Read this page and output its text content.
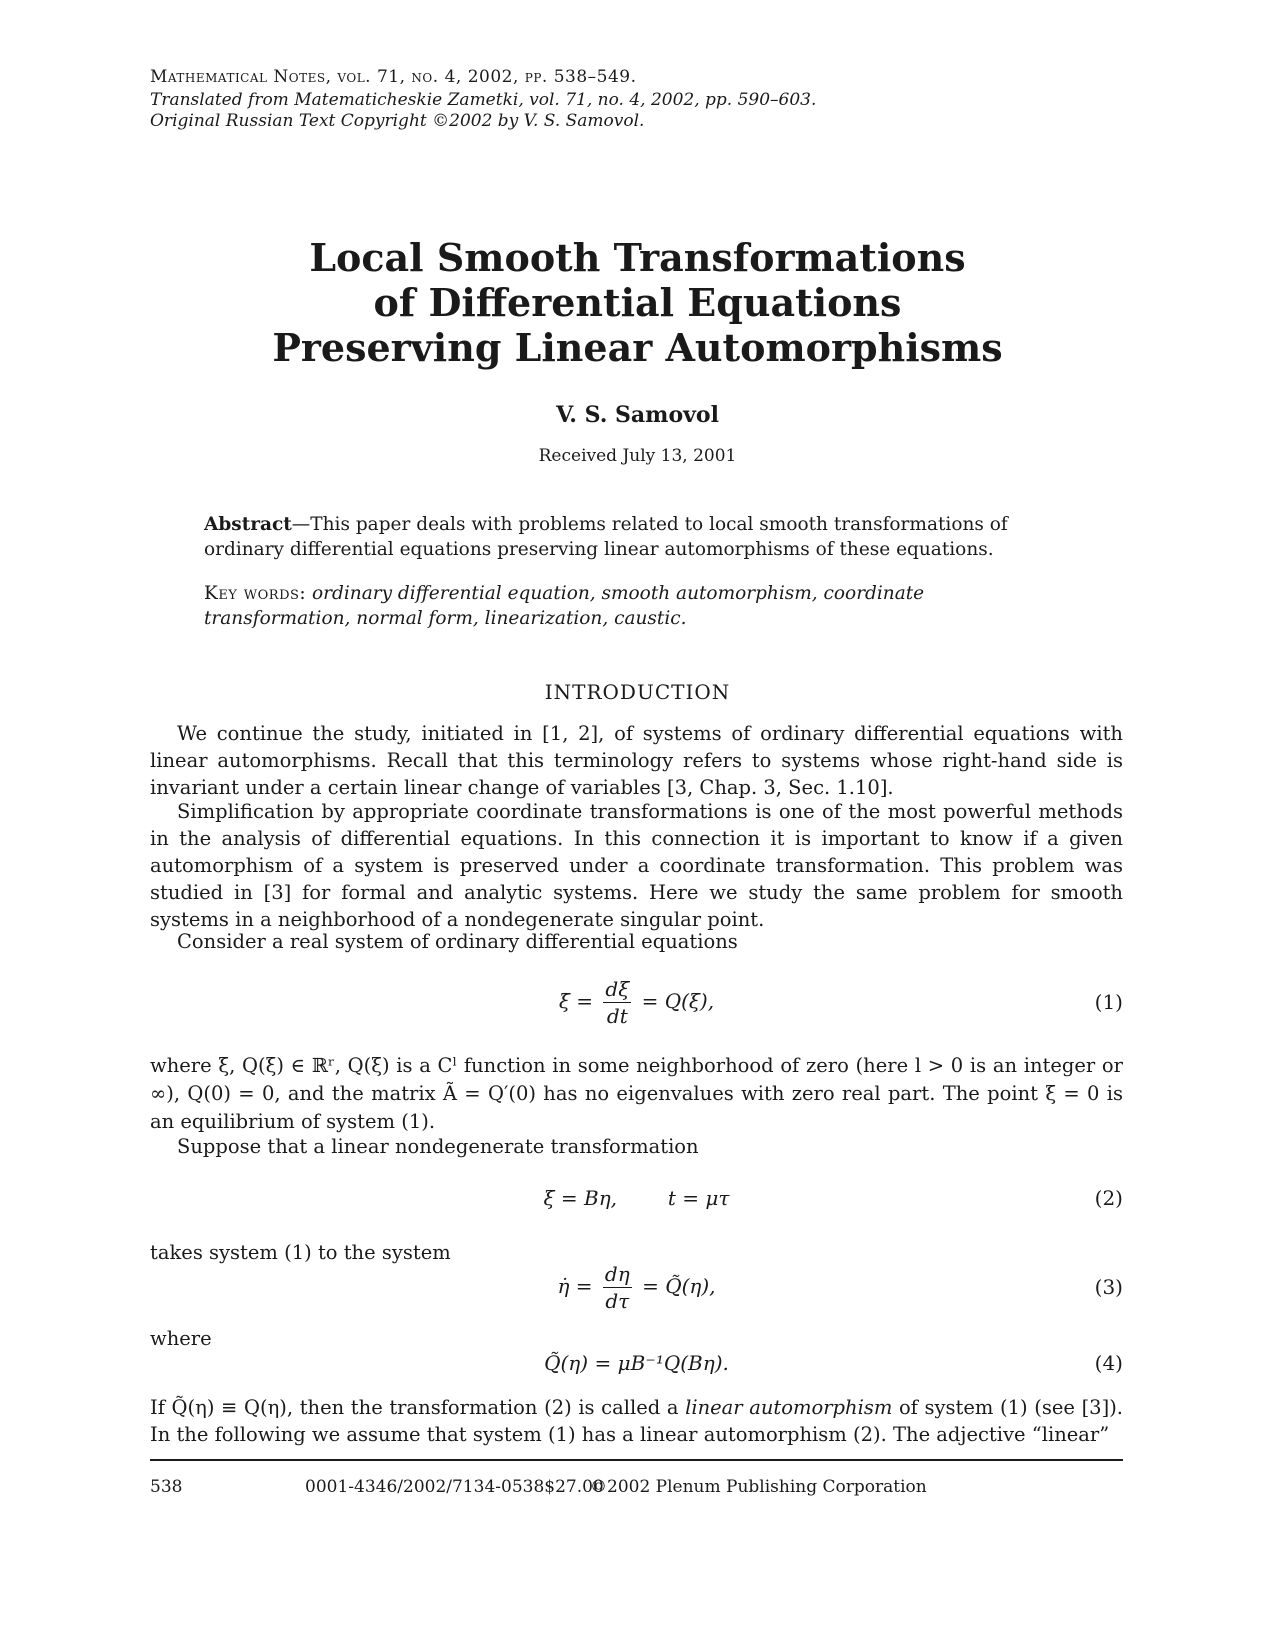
Mathematical Notes, vol. 71, no. 4, 2002, pp. 538–549.
Translated from Matematicheskie Zametki, vol. 71, no. 4, 2002, pp. 590–603.
Original Russian Text Copyright ©2002 by V. S. Samovol.
Local Smooth Transformations
of Differential Equations
Preserving Linear Automorphisms
V. S. Samovol
Received July 13, 2001
Abstract—This paper deals with problems related to local smooth transformations of ordinary differential equations preserving linear automorphisms of these equations.
Key words: ordinary differential equation, smooth automorphism, coordinate transformation, normal form, linearization, caustic.
INTRODUCTION
We continue the study, initiated in [1, 2], of systems of ordinary differential equations with linear automorphisms. Recall that this terminology refers to systems whose right-hand side is invariant under a certain linear change of variables [3, Chap. 3, Sec. 1.10].
Simplification by appropriate coordinate transformations is one of the most powerful methods in the analysis of differential equations. In this connection it is important to know if a given automorphism of a system is preserved under a coordinate transformation. This problem was studied in [3] for formal and analytic systems. Here we study the same problem for smooth systems in a neighborhood of a nondegenerate singular point.
Consider a real system of ordinary differential equations
ξ̇ = $\frac{d\xi}{dt} = Q(\xi)$,	(1)
where ξ, Q(ξ) ∈ ℝʳ, Q(ξ) is a Cˡ function in some neighborhood of zero (here l > 0 is an integer or ∞), Q(0) = 0, and the matrix Ã = Q′(0) has no eigenvalues with zero real part. The point ξ = 0 is an equilibrium of system (1).
Suppose that a linear nondegenerate transformation
ξ = Bη,        t = μτ	(2)
takes system (1) to the system
η̇ = $\frac{d\eta}{d\tau}$ = Q̃(η),	(3)
where
Q̃(η) = μB⁻¹Q(Bη).	(4)
If Q̃(η) ≡ Q(η), then the transformation (2) is called a linear automorphism of system (1) (see [3]). In the following we assume that system (1) has a linear automorphism (2). The adjective “linear”
538	0001-4346/2002/7134-0538$27.00
©2002 Plenum Publishing Corporation
